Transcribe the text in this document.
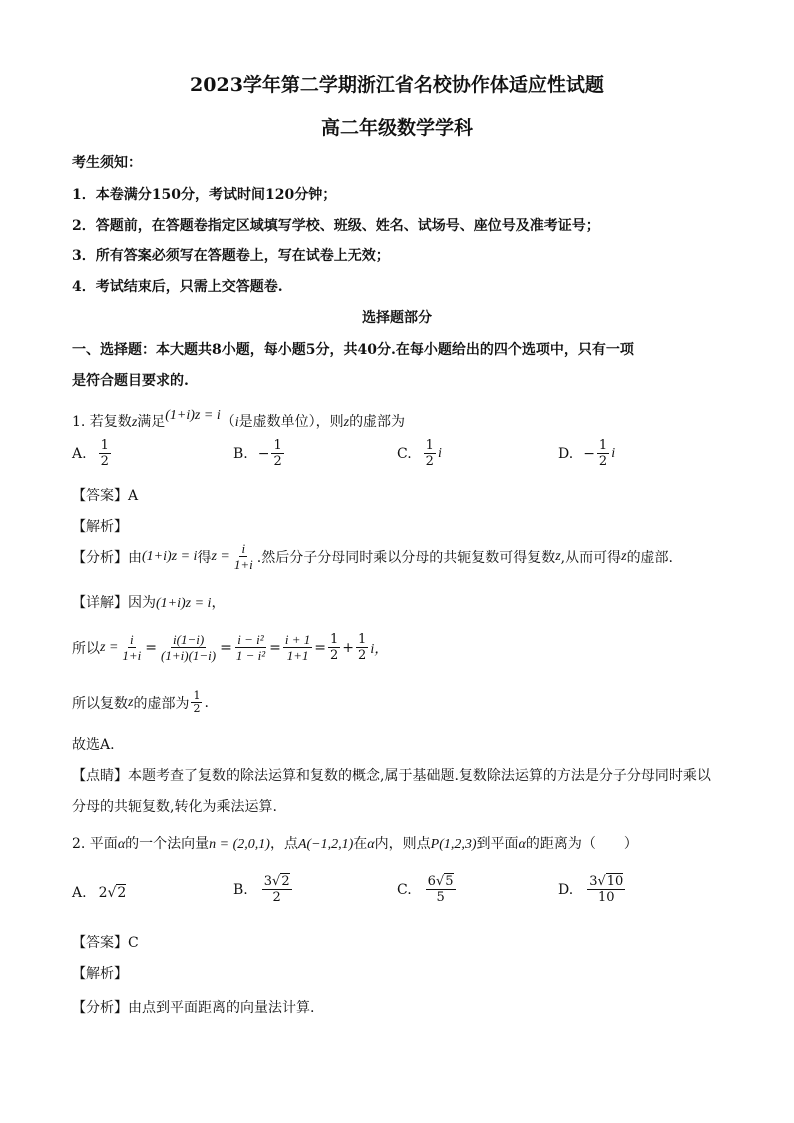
2023学年第二学期浙江省名校协作体适应性试题
高二年级数学学科
考生须知：
1．本卷满分150分，考试时间120分钟；
2．答题前，在答题卷指定区域填写学校、班级、姓名、试场号、座位号及准考证号；
3．所有答案必须写在答题卷上，写在试卷上无效；
4．考试结束后，只需上交答题卷.
选择题部分
一、选择题：本大题共8小题，每小题5分，共40分.在每小题给出的四个选项中，只有一项
是符合题目要求的.
1. 若复数z满足(1+i)z = i（i是虚数单位），则z的虚部为
A. $\frac{1}{2}$	B. − $\frac{1}{2}$	C. $\frac{1}{2}$ i	D. − $\frac{1}{2}$ i
【答案】A
【解析】
【分析】 由 (1+i)z = i 得 $z = \frac{i}{1+i}$ .然后分子分母同时乘以分母的共轭复数可得复数 z ,从而可得 z 的虚部.
【详解】因为(1+i)z = i，
所以 $z = \frac{i}{1+i} = \frac{i(1-i)}{(1+i)(1-i)} = \frac{\text{i − i²}}{\text{1 − i²}} = \frac{i + 1}{1+1} = \frac{1}{2} + \frac{1}{2}$ i，
所以复数 z 的虚部为 $\frac{1}{2}$ .
故选A.
【点睛】本题考查了复数的除法运算和复数的概念,属于基础题.复数除法运算的方法是分子分母同时乘以
分母的共轭复数,转化为乘法运算.
2. 平面α的一个法向量n = (2,0,1)，点A(−1,2,1)在α内，则点P(1,2,3)到平面α的距离为（　　）
A. 2 √ 2	B. $\frac{3√2}{2}$	C. $\frac{6√5}{5}$	D. $\frac{3√10}{10}$
【答案】C
【解析】
【分析】由点到平面距离的向量法计算.
